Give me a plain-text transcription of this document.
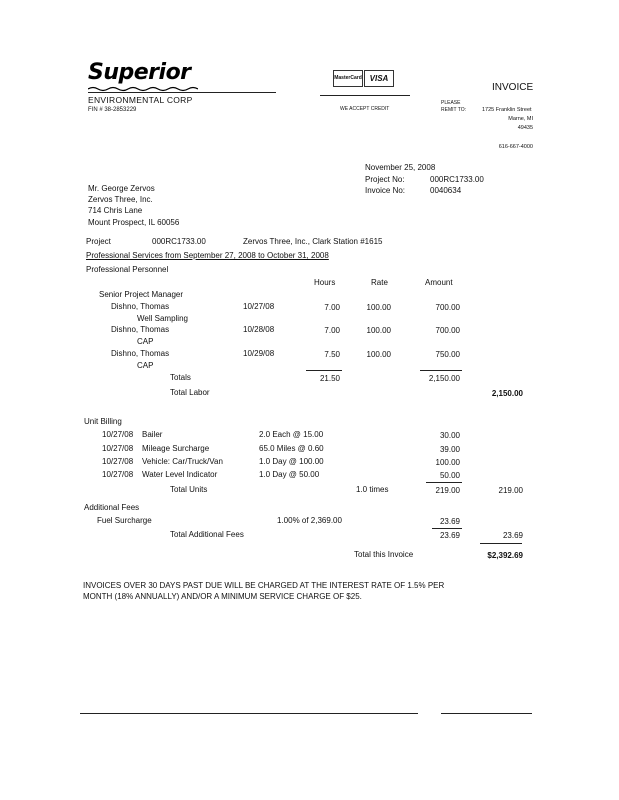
Superior
ENVIRONMENTAL CORP
FIN # 38-2853229
MasterCard VISA
WE ACCEPT CREDIT
INVOICE
PLEASE
REMIT TO:	1725 Franklin Street
Marne, MI
49435
616-667-4000
November 25, 2008
Project No:	000RC1733.00
Invoice No:	0040634
Mr. George Zervos
Zervos Three, Inc.
714 Chris Lane
Mount Prospect, IL 60056
Project	000RC1733.00	Zervos Three, Inc., Clark Station #1615
Professional Services from September 27, 2008 to October 31, 2008
Professional Personnel
Hours	Rate	Amount
Senior Project Manager
Dishno, Thomas	10/27/08	7.00	100.00	700.00
Well Sampling
Dishno, Thomas	10/28/08	7.00	100.00	700.00
CAP
Dishno, Thomas	10/29/08	7.50	100.00	750.00
CAP
Totals	21.50	2,150.00
Total Labor	2,150.00
Unit Billing
10/27/08 Bailer	2.0 Each @ 15.00	30.00
10/27/08 Mileage Surcharge	65.0 Miles @ 0.60	39.00
10/27/08 Vehicle: Car/Truck/Van	1.0 Day @ 100.00	100.00
10/27/08 Water Level Indicator	1.0 Day @ 50.00	50.00
Total Units	1.0 times	219.00	219.00
Additional Fees
Fuel Surcharge	1.00% of 2,369.00	23.69
Total Additional Fees	23.69	23.69
Total this Invoice	$2,392.69
INVOICES OVER 30 DAYS PAST DUE WILL BE CHARGED AT THE INTEREST RATE OF 1.5% PER
MONTH (18% ANNUALLY) AND/OR A MINIMUM SERVICE CHARGE OF $25.
